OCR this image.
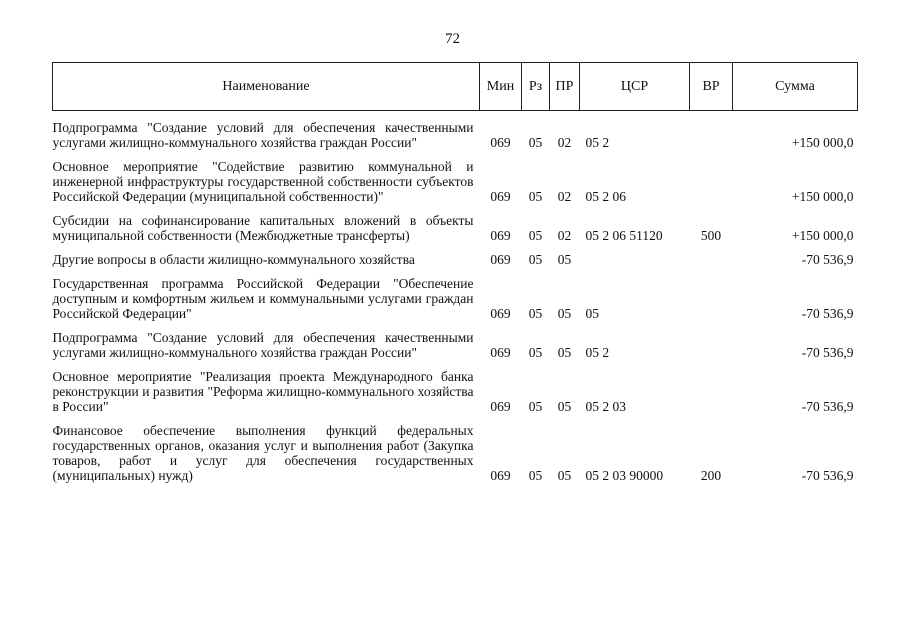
72
Наименование	Мин	Рз	ПР	ЦСР	ВР	Сумма
Подпрограмма "Создание условий для обеспечения качественными услугами жилищно-коммунального хозяйства граждан России"	069	05	02	05 2		+150 000,0
Основное мероприятие "Содействие развитию коммунальной и инженерной инфраструктуры государственной собственности субъектов Российской Федерации (муниципальной собственности)"	069	05	02	05 2 06		+150 000,0
Субсидии на софинансирование капитальных вложений в объекты муниципальной собственности (Межбюджетные трансферты)	069	05	02	05 2 06 51120	500	+150 000,0
Другие вопросы в области жилищно-коммунального хозяйства	069	05	05			-70 536,9
Государственная программа Российской Федерации "Обеспечение доступным и комфортным жильем и коммунальными услугами граждан Российской Федерации"	069	05	05	05		-70 536,9
Подпрограмма "Создание условий для обеспечения качественными услугами жилищно-коммунального хозяйства граждан России"	069	05	05	05 2		-70 536,9
Основное мероприятие "Реализация проекта Международного банка реконструкции и развития "Реформа жилищно-коммунального хозяйства в России"	069	05	05	05 2 03		-70 536,9
Финансовое обеспечение выполнения функций федеральных государственных органов, оказания услуг и выполнения работ (Закупка товаров, работ и услуг для обеспечения государственных (муниципальных) нужд)	069	05	05	05 2 03 90000	200	-70 536,9
